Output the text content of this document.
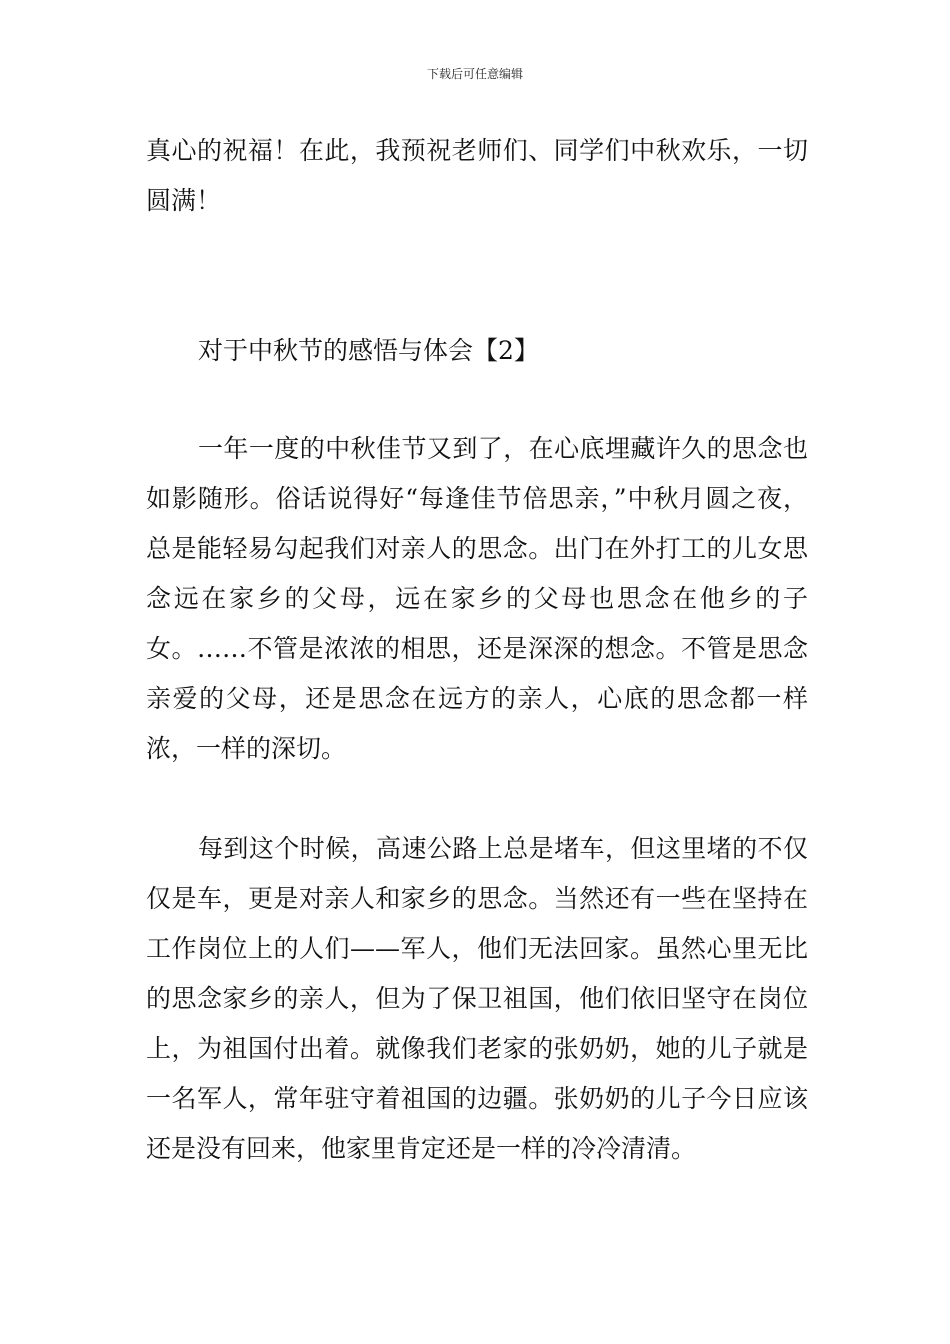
下载后可任意编辑

真心的祝福！在此，我预祝老师们、同学们中秋欢乐，一切圆满！

对于中秋节的感悟与体会【2】

一年一度的中秋佳节又到了，在心底埋藏许久的思念也如影随形。俗话说得好“每逢佳节倍思亲，”中秋月圆之夜，总是能轻易勾起我们对亲人的思念。出门在外打工的儿女思念远在家乡的父母，远在家乡的父母也思念在他乡的子女。……不管是浓浓的相思，还是深深的想念。不管是思念亲爱的父母，还是思念在远方的亲人，心底的思念都一样浓，一样的深切。

每到这个时候，高速公路上总是堵车，但这里堵的不仅仅是车，更是对亲人和家乡的思念。当然还有一些在坚持在工作岗位上的人们——军人，他们无法回家。虽然心里无比的思念家乡的亲人，但为了保卫祖国，他们依旧坚守在岗位上，为祖国付出着。就像我们老家的张奶奶，她的儿子就是一名军人，常年驻守着祖国的边疆。张奶奶的儿子今日应该还是没有回来，他家里肯定还是一样的冷冷清清。
